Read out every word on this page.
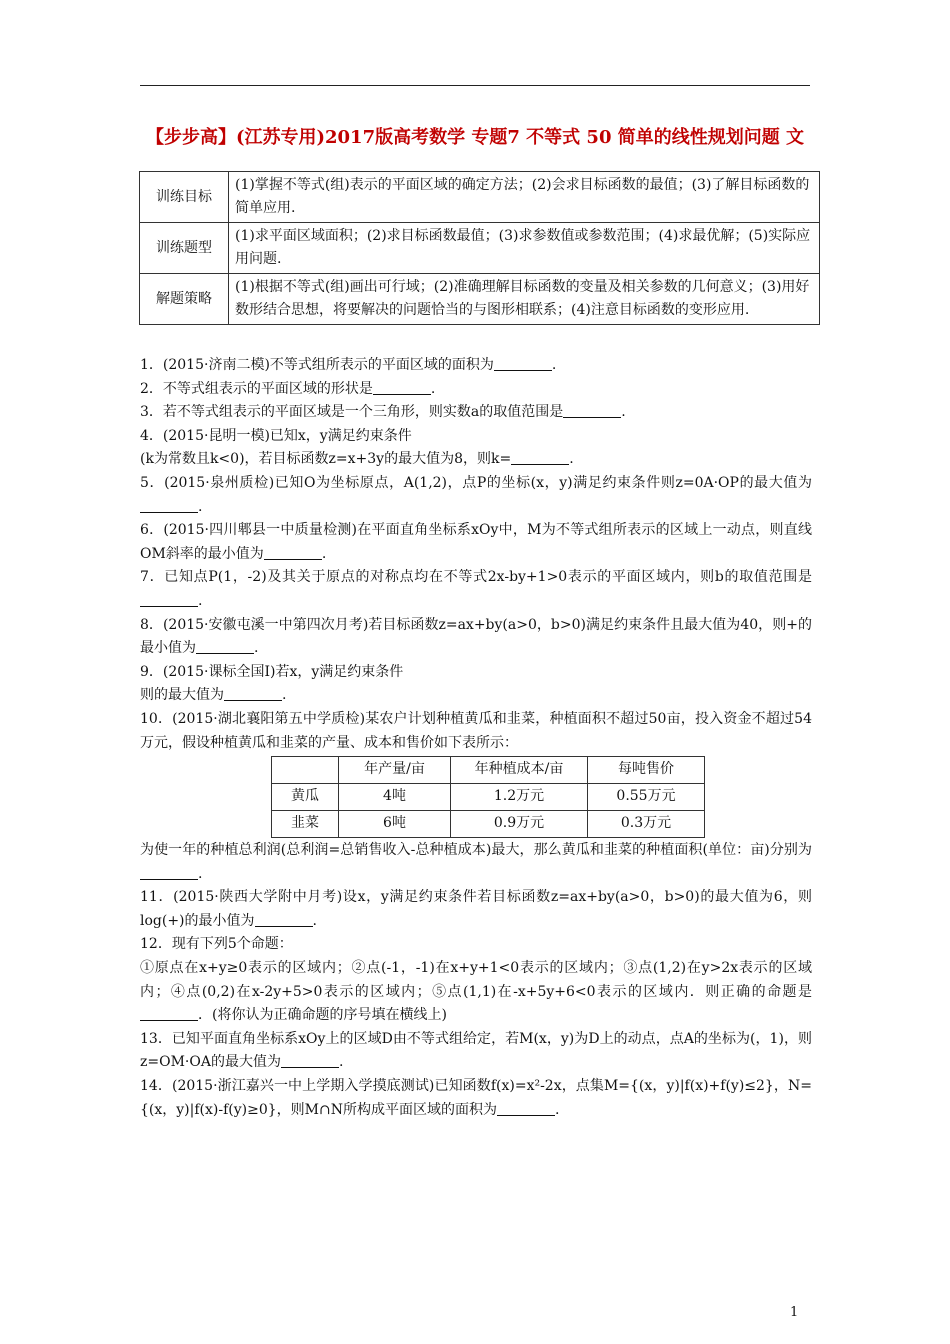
【步步高】(江苏专用)2017版高考数学 专题7 不等式 50 简单的线性规划问题 文
训练目标	(1)掌握不等式(组)表示的平面区域的确定方法；(2)会求目标函数的最值；(3)了解目标函数的简单应用.
训练题型	(1)求平面区域面积；(2)求目标函数最值；(3)求参数值或参数范围；(4)求最优解；(5)实际应用问题.
解题策略	(1)根据不等式(组)画出可行域；(2)准确理解目标函数的变量及相关参数的几何意义；(3)用好数形结合思想，将要解决的问题恰当的与图形相联系；(4)注意目标函数的变形应用.

1．(2015·济南二模)不等式组所表示的平面区域的面积为	.

2．不等式组表示的平面区域的形状是	.

3．若不等式组表示的平面区域是一个三角形，则实数a的取值范围是	.

4．(2015·昆明一模)已知x，y满足约束条件

(k为常数且k<0)，若目标函数z=x+3y的最大值为8，则k=	.

5．(2015·泉州质检)已知O为坐标原点，A(1,2)，点P的坐标(x，y)满足约束条件则z=0A·OP的最大值为.

6．(2015·四川郫县一中质量检测)在平面直角坐标系xOy中，M为不等式组所表示的区域上一动点，则直线OM斜率的最小值为	.

7．已知点P(1，-2)及其关于原点的对称点均在不等式2x-by+1>0表示的平面区域内，则b的取值范围是.

8．(2015·安徽屯溪一中第四次月考)若目标函数z=ax+by(a>0，b>0)满足约束条件且最大值为40，则+的最小值为	.

9．(2015·课标全国Ⅰ)若x，y满足约束条件

则的最大值为	.

10．(2015·湖北襄阳第五中学质检)某农户计划种植黄瓜和韭菜，种植面积不超过50亩，投入资金不超过54万元，假设种植黄瓜和韭菜的产量、成本和售价如下表所示：

	年产量/亩	年种植成本/亩	每吨售价
黄瓜	4吨	1.2万元	0.55万元
韭菜	6吨	0.9万元	0.3万元

为使一年的种植总利润(总利润=总销售收入-总种植成本)最大，那么黄瓜和韭菜的种植面积(单位：亩)分别为.

11．(2015·陕西大学附中月考)设x，y满足约束条件若目标函数z=ax+by(a>0，b>0)的最大值为6，则log(+)的最小值为	.

12．现有下列5个命题：

①原点在x+y≥0表示的区域内；②点(-1，-1)在x+y+1<0表示的区域内；③点(1,2)在y>2x表示的区域内；④点(0,2)在x-2y+5>0表示的区域内；⑤点(1,1)在-x+5y+6<0表示的区域内．则正确的命题是．(将你认为正确命题的序号填在横线上)

13．已知平面直角坐标系xOy上的区域D由不等式组给定，若M(x，y)为D上的动点，点A的坐标为(，1)，则z=OM·OA的最大值为	.

14．(2015·浙江嘉兴一中上学期入学摸底测试)已知函数f(x)=x²-2x，点集M={(x，y)|f(x)+f(y)≤2}，N={(x，y)|f(x)-f(y)≥0}，则M∩N所构成平面区域的面积为	.

1
